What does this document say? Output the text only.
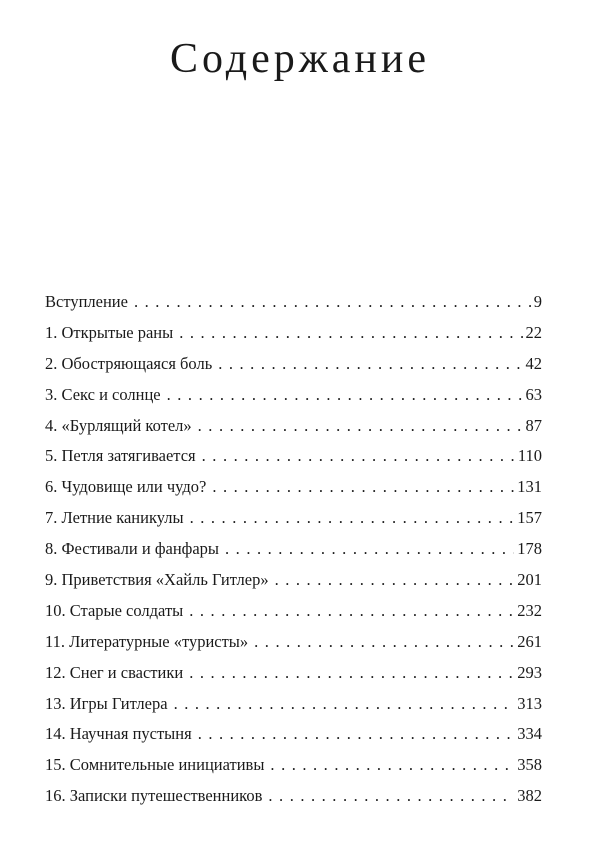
Содержание
Вступление . . .	9
1. Открытые раны . . .	22
2. Обостряющаяся боль . . .	42
3. Секс и солнце . . .	63
4. «Бурлящий котел» . . .	87
5. Петля затягивается . . .	110
6. Чудовище или чудо? . . .	131
7. Летние каникулы . . .	157
8. Фестивали и фанфары . . .	178
9. Приветствия «Хайль Гитлер» . . .	201
10. Старые солдаты . . .	232
11. Литературные «туристы» . . .	261
12. Снег и свастики . . .	293
13. Игры Гитлера . . .	313
14. Научная пустыня . . .	334
15. Сомнительные инициативы . . .	358
16. Записки путешественников . . .	382
